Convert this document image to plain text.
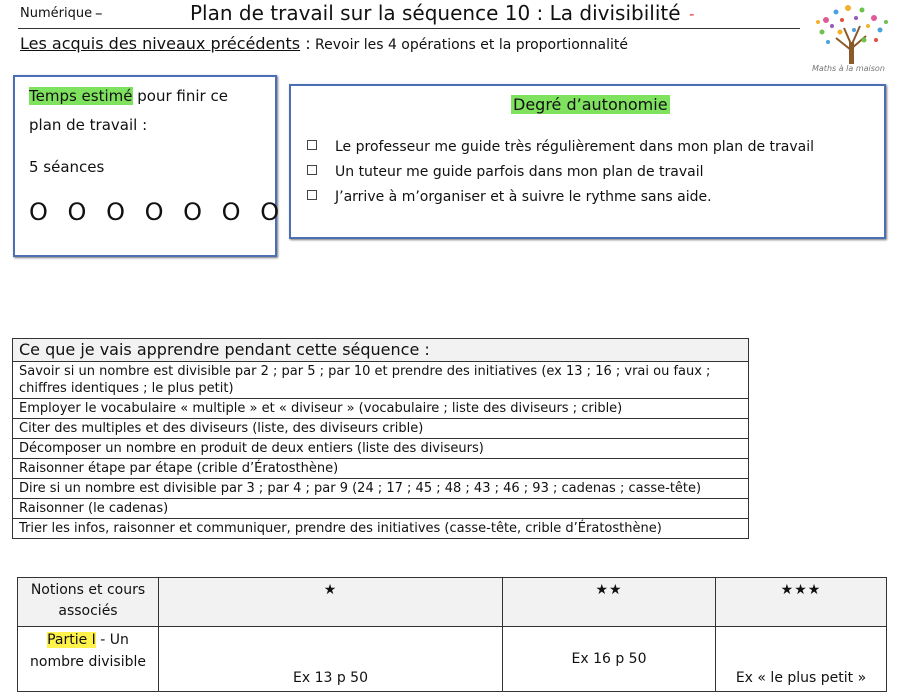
Numérique –	Plan de travail sur la séquence 10 : La divisibilité -
Les acquis des niveaux précédents : Revoir les 4 opérations et la proportionnalité
Maths à la maison
Temps estimé pour finir ce
plan de travail :
5 séances
O O O O O O O
Degré d’autonomie
Le professeur me guide très régulièrement dans mon plan de travail
Un tuteur me guide parfois dans mon plan de travail
J’arrive à m’organiser et à suivre le rythme sans aide.
Ce que je vais apprendre pendant cette séquence :
Savoir si un nombre est divisible par 2 ; par 5 ; par 10 et prendre des initiatives (ex 13 ; 16 ; vrai ou faux ; chiffres identiques ; le plus petit)
Employer le vocabulaire « multiple » et « diviseur » (vocabulaire ; liste des diviseurs ; crible)
Citer des multiples et des diviseurs (liste, des diviseurs crible)
Décomposer un nombre en produit de deux entiers (liste des diviseurs)
Raisonner étape par étape (crible d’Ératosthène)
Dire si un nombre est divisible par 3 ; par 4 ; par 9 (24 ; 17 ; 45 ; 48 ; 43 ; 46 ; 93 ; cadenas ; casse-tête)
Raisonner (le cadenas)
Trier les infos, raisonner et communiquer, prendre des initiatives (casse-tête, crible d’Ératosthène)
Notions et cours associés	★	★★	★★★
Partie I - Un nombre divisible	Ex 13 p 50	Ex 16 p 50	Ex « le plus petit »
